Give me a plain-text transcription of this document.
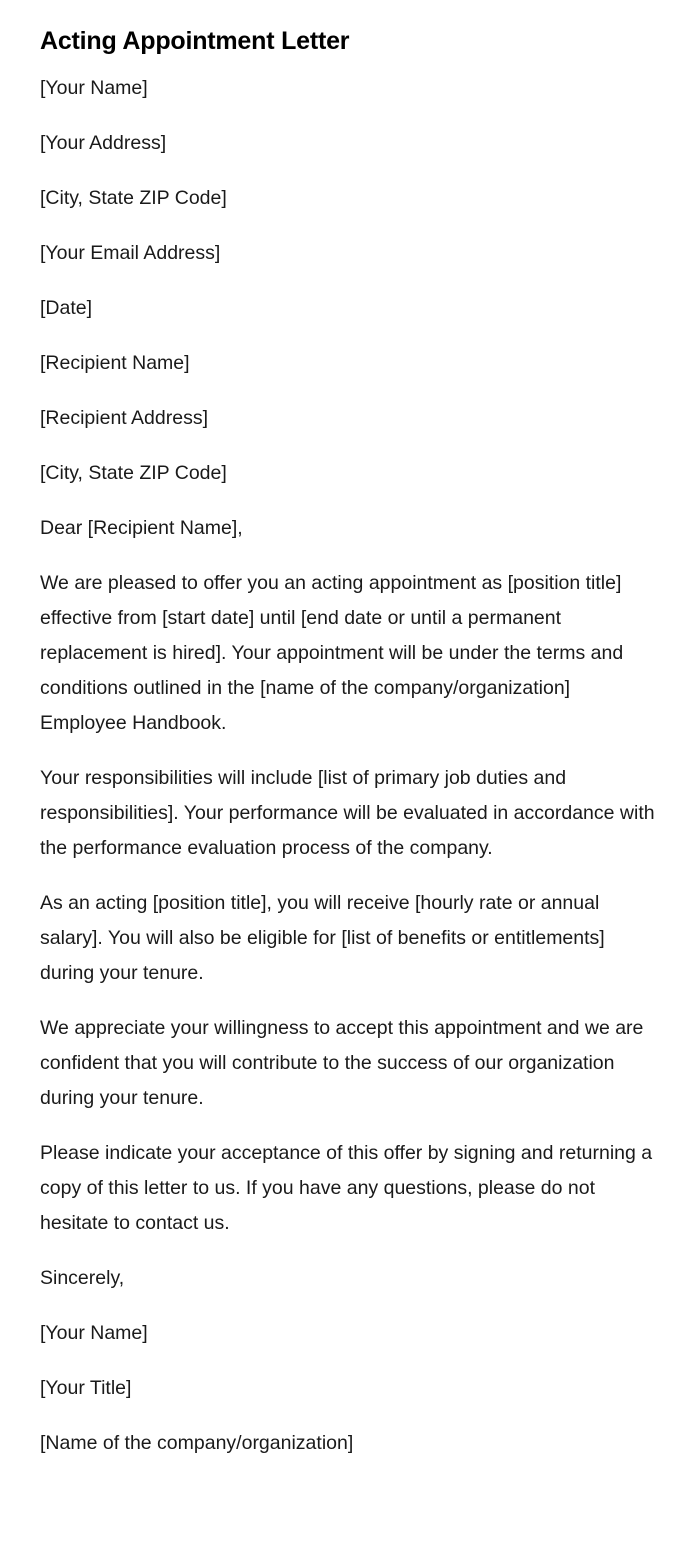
Acting Appointment Letter
[Your Name]
[Your Address]
[City, State ZIP Code]
[Your Email Address]
[Date]
[Recipient Name]
[Recipient Address]
[City, State ZIP Code]
Dear [Recipient Name],

We are pleased to offer you an acting appointment as [position title] effective from [start date] until [end date or until a permanent replacement is hired]. Your appointment will be under the terms and conditions outlined in the [name of the company/organization] Employee Handbook.

Your responsibilities will include [list of primary job duties and responsibilities]. Your performance will be evaluated in accordance with the performance evaluation process of the company.

As an acting [position title], you will receive [hourly rate or annual salary]. You will also be eligible for [list of benefits or entitlements] during your tenure.

We appreciate your willingness to accept this appointment and we are confident that you will contribute to the success of our organization during your tenure.

Please indicate your acceptance of this offer by signing and returning a copy of this letter to us. If you have any questions, please do not hesitate to contact us.

Sincerely,
[Your Name]
[Your Title]
[Name of the company/organization]
